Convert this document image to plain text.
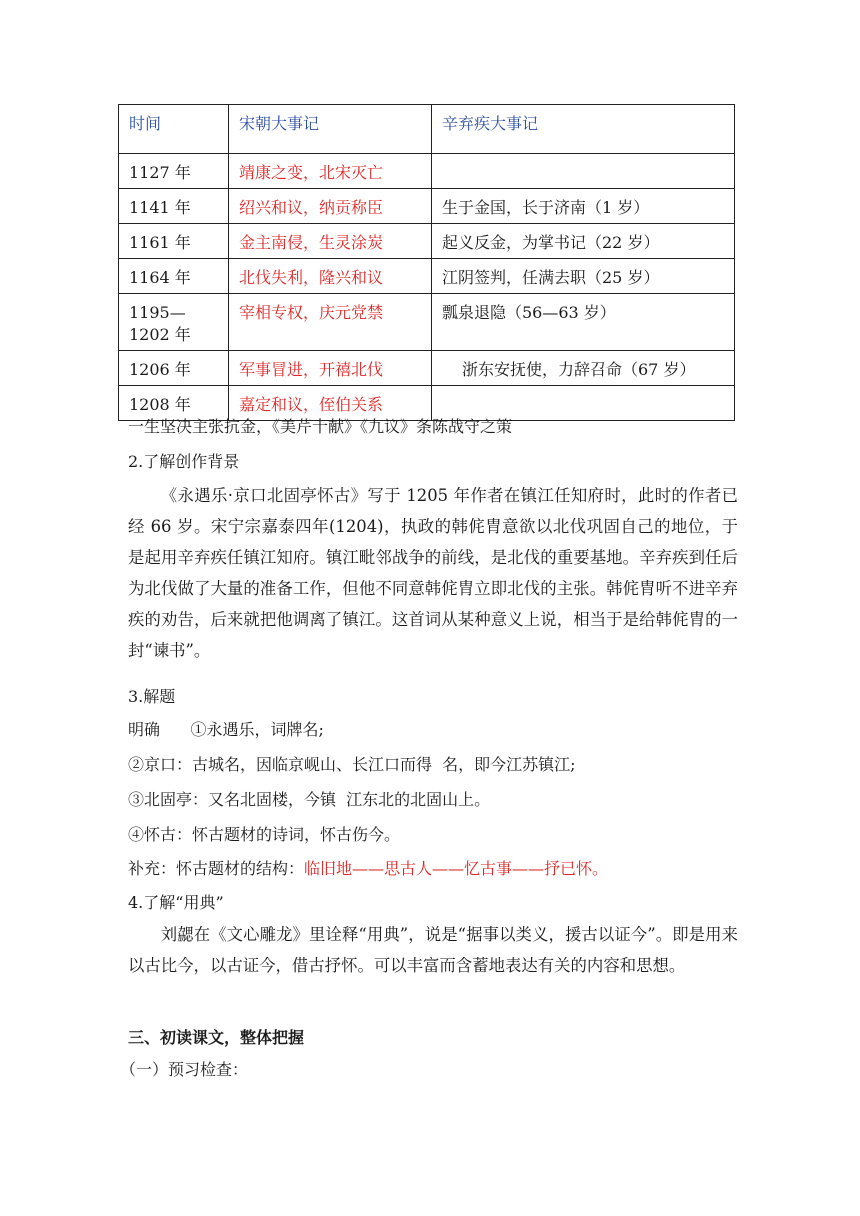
时间	宋朝大事记	辛弃疾大事记
1127 年	靖康之变，北宋灭亡	
1141 年	绍兴和议，纳贡称臣	生于金国，长于济南（1 岁）
1161 年	金主南侵，生灵涂炭	起义反金，为掌书记（22 岁）
1164 年	北伐失利，隆兴和议	江阴签判，任满去职（25 岁）
1195—1202 年	宰相专权，庆元党禁	瓢泉退隐（56—63 岁）
1206 年	军事冒进，开禧北伐	浙东安抚使，力辞召命（67 岁）
1208 年	嘉定和议，侄伯关系	

一生坚决主张抗金，《美芹十献》《九议》条陈战守之策

2.了解创作背景

《永遇乐·京口北固亭怀古》写于 1205 年作者在镇江任知府时，此时的作者已经 66 岁。宋宁宗嘉泰四年(1204)，执政的韩侂胄意欲以北伐巩固自己的地位，于是起用辛弃疾任镇江知府。镇江毗邻战争的前线，是北伐的重要基地。辛弃疾到任后为北伐做了大量的准备工作，但他不同意韩侂胄立即北伐的主张。韩侂胄听不进辛弃疾的劝告，后来就把他调离了镇江。这首词从某种意义上说，相当于是给韩侂胄的一封“谏书”。

3.解题

明确      ①永遇乐，词牌名;

②京口：古城名，因临京岘山、长江口而得  名，即今江苏镇江;

③北固亭：又名北固楼，今镇  江东北的北固山上。

④怀古：怀古题材的诗词，怀古伤今。

补充：怀古题材的结构：临旧地——思古人——忆古事——抒已怀。

4.了解“用典”

刘勰在《文心雕龙》里诠释“用典”，说是“据事以类义，援古以证今”。即是用来以古比今，以古证今，借古抒怀。可以丰富而含蓄地表达有关的内容和思想。

三、初读课文，整体把握

（一）预习检查：
